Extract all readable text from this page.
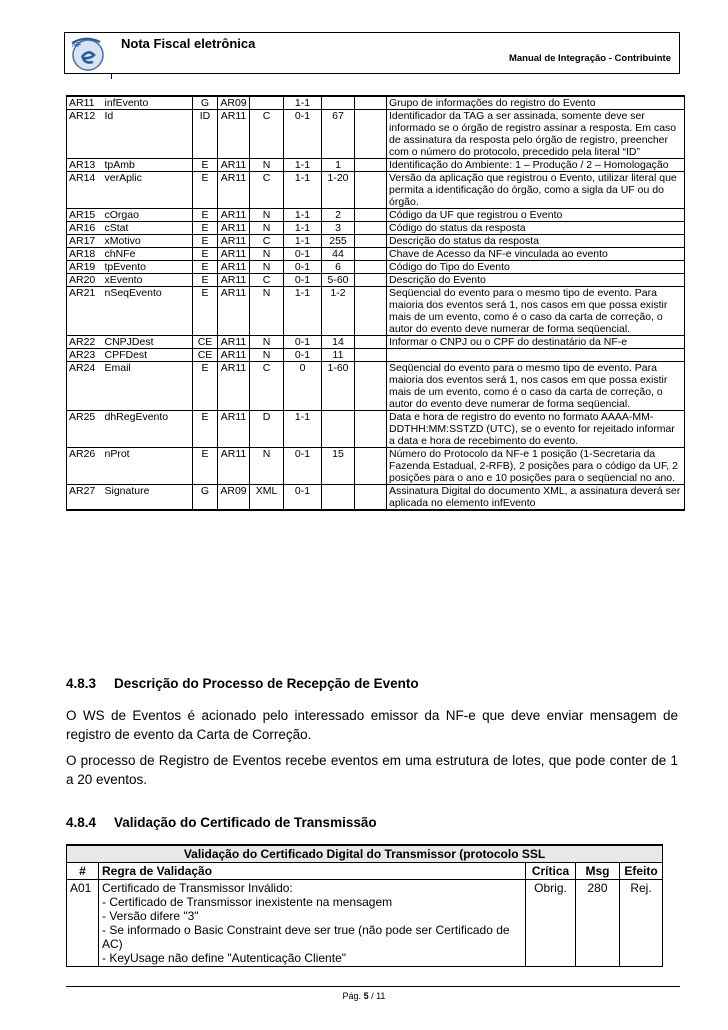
NF	Nota Fiscal eletrônica
Manual de Integração - Contribuinte
AR11	infEvento	G	AR09		1-1			Grupo de informações do registro do Evento
AR12	Id	ID	AR11	C	0-1	67		Identificador da TAG a ser assinada, somente deve ser informado se o órgão de registro assinar a resposta. Em caso de assinatura da resposta pelo órgão de registro, preencher com o número do protocolo, precedido pela literal “ID”
AR13	tpAmb	E	AR11	N	1-1	1		Identificação do Ambiente: 1 – Produção / 2 – Homologação
AR14	verAplic	E	AR11	C	1-1	1-20		Versão da aplicação que registrou o Evento, utilizar literal que permita a identificação do órgão, como a sigla da UF ou do órgão.
AR15	cOrgao	E	AR11	N	1-1	2		Código da UF que registrou o Evento
AR16	cStat	E	AR11	N	1-1	3		Código do status da resposta
AR17	xMotivo	E	AR11	C	1-1	255		Descrição do status da resposta
AR18	chNFe	E	AR11	N	0-1	44		Chave de Acesso da NF-e vinculada ao evento
AR19	tpEvento	E	AR11	N	0-1	6		Código do Tipo do Evento
AR20	xEvento	E	AR11	C	0-1	5-60		Descrição do Evento
AR21	nSeqEvento	E	AR11	N	1-1	1-2		Seqüencial do evento para o mesmo tipo de evento. Para maioria dos eventos será 1, nos casos em que possa existir mais de um evento, como é o caso da carta de correção, o autor do evento deve numerar de forma seqüencial.
AR22	CNPJDest	CE	AR11	N	0-1	14		Informar o CNPJ ou o CPF do destinatário da NF-e
AR23	CPFDest	CE	AR11	N	0-1	11		
AR24	Email	E	AR11	C	0	1-60		Seqüencial do evento para o mesmo tipo de evento. Para maioria dos eventos será 1, nos casos em que possa existir mais de um evento, como é o caso da carta de correção, o autor do evento deve numerar de forma seqüencial.
AR25	dhRegEvento	E	AR11	D	1-1			Data e hora de registro do evento no formato AAAA-MM-DDTHH:MM:SSTZD (UTC), se o evento for rejeitado informar a data e hora de recebimento do evento.
AR26	nProt	E	AR11	N	0-1	15		Número do Protocolo da NF-e 1 posição (1-Secretaria da Fazenda Estadual, 2-RFB), 2 posições para o código da UF, 2 posições para o ano e 10 posições para o seqüencial no ano.
AR27	Signature	G	AR09	XML	0-1			Assinatura Digital do documento XML, a assinatura deverá ser aplicada no elemento infEvento
4.8.3 Descrição do Processo de Recepção de Evento
O WS de Eventos é acionado pelo interessado emissor da NF-e que deve enviar mensagem de registro de evento da Carta de Correção.
O processo de Registro de Eventos recebe eventos em uma estrutura de lotes, que pode conter de 1 a 20 eventos.
4.8.4 Validação do Certificado de Transmissão
Validação do Certificado Digital do Transmissor (protocolo SSL				
#	Regra de Validação	Crítica	Msg	Efeito
A01	Certificado de Transmissor Inválido:
- Certificado de Transmissor inexistente na mensagem
- Versão difere "3"
- Se informado o Basic Constraint deve ser true (não pode ser Certificado de AC)
- KeyUsage não define "Autenticação Cliente"	Obrig.	280	Rej.
Pág. 5 / 11
